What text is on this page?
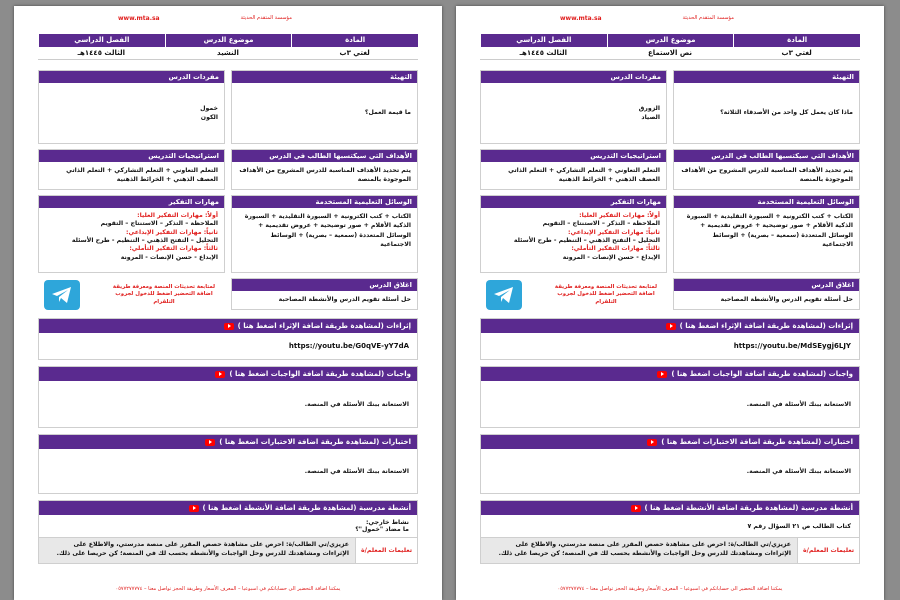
www.mta.sa	مؤسسة المتقدم الحديثة
المادة
لغتي ٣ب
موضوع الدرس
نص الاستماع
الفصل الدراسي
الثالث ١٤٤٥هـ
التهيئة
ماذا كان يعمل كل واحد من الأصدقاء الثلاثة؟
الأهداف التي سيكتسبها الطالب في الدرس
يتم تحديد الأهداف المناسبة للدرس المشروح من الأهداف الموجودة بالمنصة
الوسائل التعليمية المستخدمة
الكتاب + كتب الكترونية + السبورة التقليدية + السبورة الذكية الأقلام + صور توضيحية + عروض تقديمية + الوسائل المتعددة (سمعية – بصرية) + الوسائط الاجتماعية
اغلاق الدرس
حل أسئلة تقويم الدرس والأنشطة المصاحبة
مفردات الدرس
الزورق
الصياد
استراتيجيات التدريس
التعلم التعاوني + التعلم التشاركي + التعلم الذاتي العصف الذهني + الخرائط الذهنية
مهارات التفكير
أولاً: مهارات التفكير العليا:
الملاحظة – التذكر – الاستنتاج – التقويم
ثانياً: مهارات التفكير الإبداعي:
التحليل – التفتح الذهني – التنظيم - طرح الأسئلة
ثالثاً: مهارات التفكير التأملي:
الإبداع - حسن الإنصات - المرونة
لمتابعة تحديثات المنصة ومعرفة طريقة اضافة التحضير اضغط للدخول لجروب التلقرام
إثراءات (لمشاهدة طريقة اضافة الإثراء اضغط هنا )
https://youtu.be/MdSEygj6LJY
واجبات (لمشاهدة طريقة اضافة الواجبات اضغط هنا )
الاستعانة ببنك الأسئلة في المنصة.
اختبارات (لمشاهدة طريقة اضافة الاختبارات اضغط هنا )
الاستعانة ببنك الأسئلة في المنصة.
أنشطة مدرسية (لمشاهدة طريقة اضافة الأنشطة اضغط هنا )
كتاب الطالب ص ٢١ السؤال رقم ٧
تعليمات المعلم/ة
عزيزي/تي الطالب/ة: احرص على مشاهدة حصص المقرر على منصة مدرستي، والاطلاع على الإثراءات ومشاهدتك للدرس وحل الواجبات والأنشطة بحسب لك في المنصة؛ كن حريصا على ذلك.
يمكننا اضافة التحضير الى حساباتكم في اسبوعيا – المعرف الأسعار وطريقة الحجز تواصل معنا – ٠٥٧٧٢٧٧٧٧٤
www.mta.sa	مؤسسة المتقدم الحديثة
المادة
لغتي ٣ب
موضوع الدرس
النشيد
الفصل الدراسي
الثالث ١٤٤٥هـ
التهيئة
ما قيمة العمل؟
الأهداف التي سيكتسبها الطالب في الدرس
يتم تحديد الأهداف المناسبة للدرس المشروح من الأهداف الموجودة بالمنصة
الوسائل التعليمية المستخدمة
الكتاب + كتب الكترونية + السبورة التقليدية + السبورة الذكية الأقلام + صور توضيحية + عروض تقديمية + الوسائل المتعددة (سمعية – بصرية) + الوسائط الاجتماعية
اغلاق الدرس
حل أسئلة تقويم الدرس والأنشطة المصاحبة
مفردات الدرس
خمول
الكون
استراتيجيات التدريس
التعلم التعاوني + التعلم التشاركي + التعلم الذاتي العصف الذهني + الخرائط الذهنية
مهارات التفكير
أولاً: مهارات التفكير العليا:
الملاحظة – التذكر – الاستنتاج – التقويم
ثانياً: مهارات التفكير الإبداعي:
التحليل – التفتح الذهني – التنظيم - طرح الأسئلة
ثالثاً: مهارات التفكير التأملي:
الإبداع - حسن الإنصات - المرونة
لمتابعة تحديثات المنصة ومعرفة طريقة اضافة التحضير اضغط للدخول لجروب التلقرام
إثراءات (لمشاهدة طريقة اضافة الإثراء اضغط هنا )
https://youtu.be/G0qVE-yY7dA
واجبات (لمشاهدة طريقة اضافة الواجبات اضغط هنا )
الاستعانة ببنك الأسئلة في المنصة.
اختبارات (لمشاهدة طريقة اضافة الاختبارات اضغط هنا )
الاستعانة ببنك الأسئلة في المنصة.
أنشطة مدرسية (لمشاهدة طريقة اضافة الأنشطة اضغط هنا )
نشاط خارجي:
ما مضاد "خمول"؟
تعليمات المعلم/ة
عزيزي/تي الطالب/ة: احرص على مشاهدة حصص المقرر على منصة مدرستي، والاطلاع على الإثراءات ومشاهدتك للدرس وحل الواجبات والأنشطة بحسب لك في المنصة؛ كن حريصا على ذلك.
يمكننا اضافة التحضير الى حساباتكم في اسبوعيا – المعرف الأسعار وطريقة الحجز تواصل معنا – ٠٥٧٧٢٧٧٧٧٤
